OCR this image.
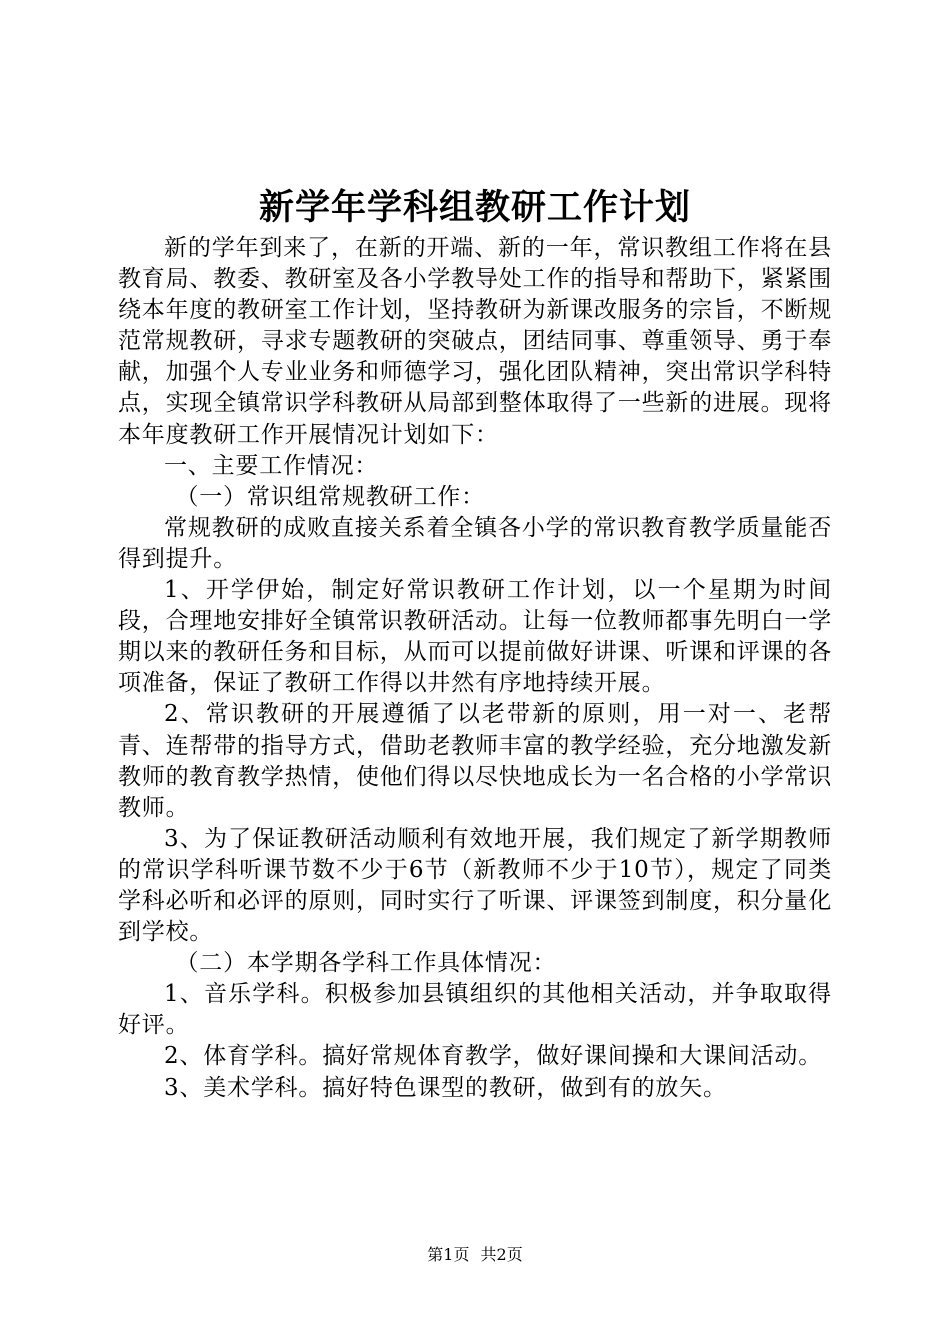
新学年学科组教研工作计划

新的学年到来了，在新的开端、新的一年，常识教组工作将在县教育局、教委、教研室及各小学教导处工作的指导和帮助下，紧紧围绕本年度的教研室工作计划，坚持教研为新课改服务的宗旨，不断规范常规教研，寻求专题教研的突破点，团结同事、尊重领导、勇于奉献，加强个人专业业务和师德学习，强化团队精神，突出常识学科特点，实现全镇常识学科教研从局部到整体取得了一些新的进展。现将本年度教研工作开展情况计划如下：

一、主要工作情况：

（一）常识组常规教研工作：

常规教研的成败直接关系着全镇各小学的常识教育教学质量能否得到提升。

1、开学伊始，制定好常识教研工作计划，以一个星期为时间段，合理地安排好全镇常识教研活动。让每一位教师都事先明白一学期以来的教研任务和目标，从而可以提前做好讲课、听课和评课的各项准备，保证了教研工作得以井然有序地持续开展。

2、常识教研的开展遵循了以老带新的原则，用一对一、老帮青、连帮带的指导方式，借助老教师丰富的教学经验，充分地激发新教师的教育教学热情，使他们得以尽快地成长为一名合格的小学常识教师。

3、为了保证教研活动顺利有效地开展，我们规定了新学期教师的常识学科听课节数不少于6节（新教师不少于10节），规定了同类学科必听和必评的原则，同时实行了听课、评课签到制度，积分量化到学校。

（二）本学期各学科工作具体情况：

1、音乐学科。积极参加县镇组织的其他相关活动，并争取取得好评。

2、体育学科。搞好常规体育教学，做好课间操和大课间活动。

3、美术学科。搞好特色课型的教研，做到有的放矢。

第1页 共2页
